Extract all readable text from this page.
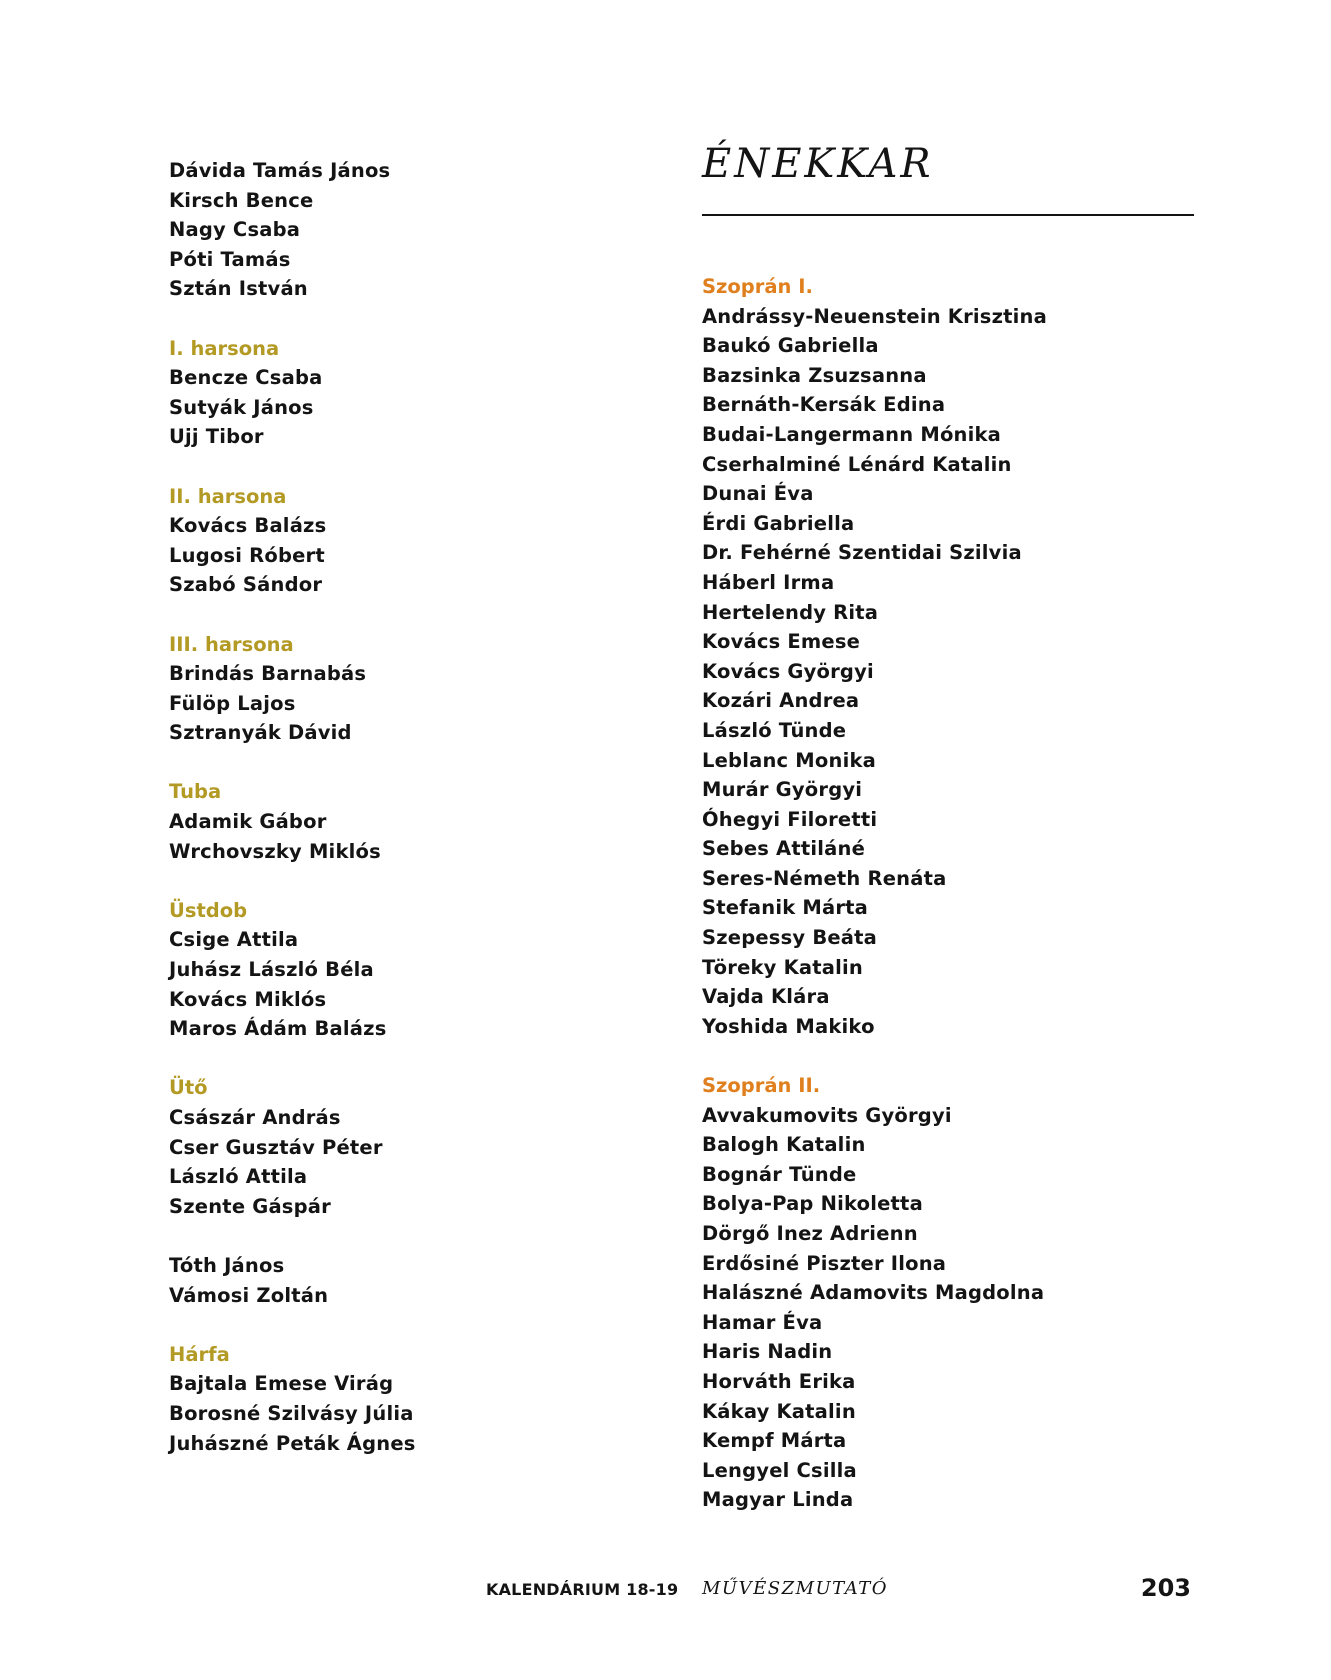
Dávida Tamás János
Kirsch Bence
Nagy Csaba
Póti Tamás
Sztán István
I. harsona
Bencze Csaba
Sutyák János
Ujj Tibor
II. harsona
Kovács Balázs
Lugosi Róbert
Szabó Sándor
III. harsona
Brindás Barnabás
Fülöp Lajos
Sztranyák Dávid
Tuba
Adamik Gábor
Wrchovszky Miklós
Üstdob
Csige Attila
Juhász László Béla
Kovács Miklós
Maros Ádám Balázs
Ütő
Császár András
Cser Gusztáv Péter
László Attila
Szente Gáspár
Tóth János
Vámosi Zoltán
Hárfa
Bajtala Emese Virág
Borosné Szilvásy Júlia
Juhászné Peták Ágnes
ÉNEKKAR
Szoprán I.
Andrássy-Neuenstein Krisztina
Baukó Gabriella
Bazsinka Zsuzsanna
Bernáth-Kersák Edina
Budai-Langermann Mónika
Cserhalminé Lénárd Katalin
Dunai Éva
Érdi Gabriella
Dr. Fehérné Szentidai Szilvia
Háberl Irma
Hertelendy Rita
Kovács Emese
Kovács Györgyi
Kozári Andrea
László Tünde
Leblanc Monika
Murár Györgyi
Óhegyi Filoretti
Sebes Attiláné
Seres-Németh Renáta
Stefanik Márta
Szepessy Beáta
Töreky Katalin
Vajda Klára
Yoshida Makiko
Szoprán II.
Avvakumovits Györgyi
Balogh Katalin
Bognár Tünde
Bolya-Pap Nikoletta
Dörgő Inez Adrienn
Erdősiné Piszter Ilona
Halászné Adamovits Magdolna
Hamar Éva
Haris Nadin
Horváth Erika
Kákay Katalin
Kempf Márta
Lengyel Csilla
Magyar Linda
KALENDÁRIUM 18-19 MŰVÉSZMUTATÓ	203
